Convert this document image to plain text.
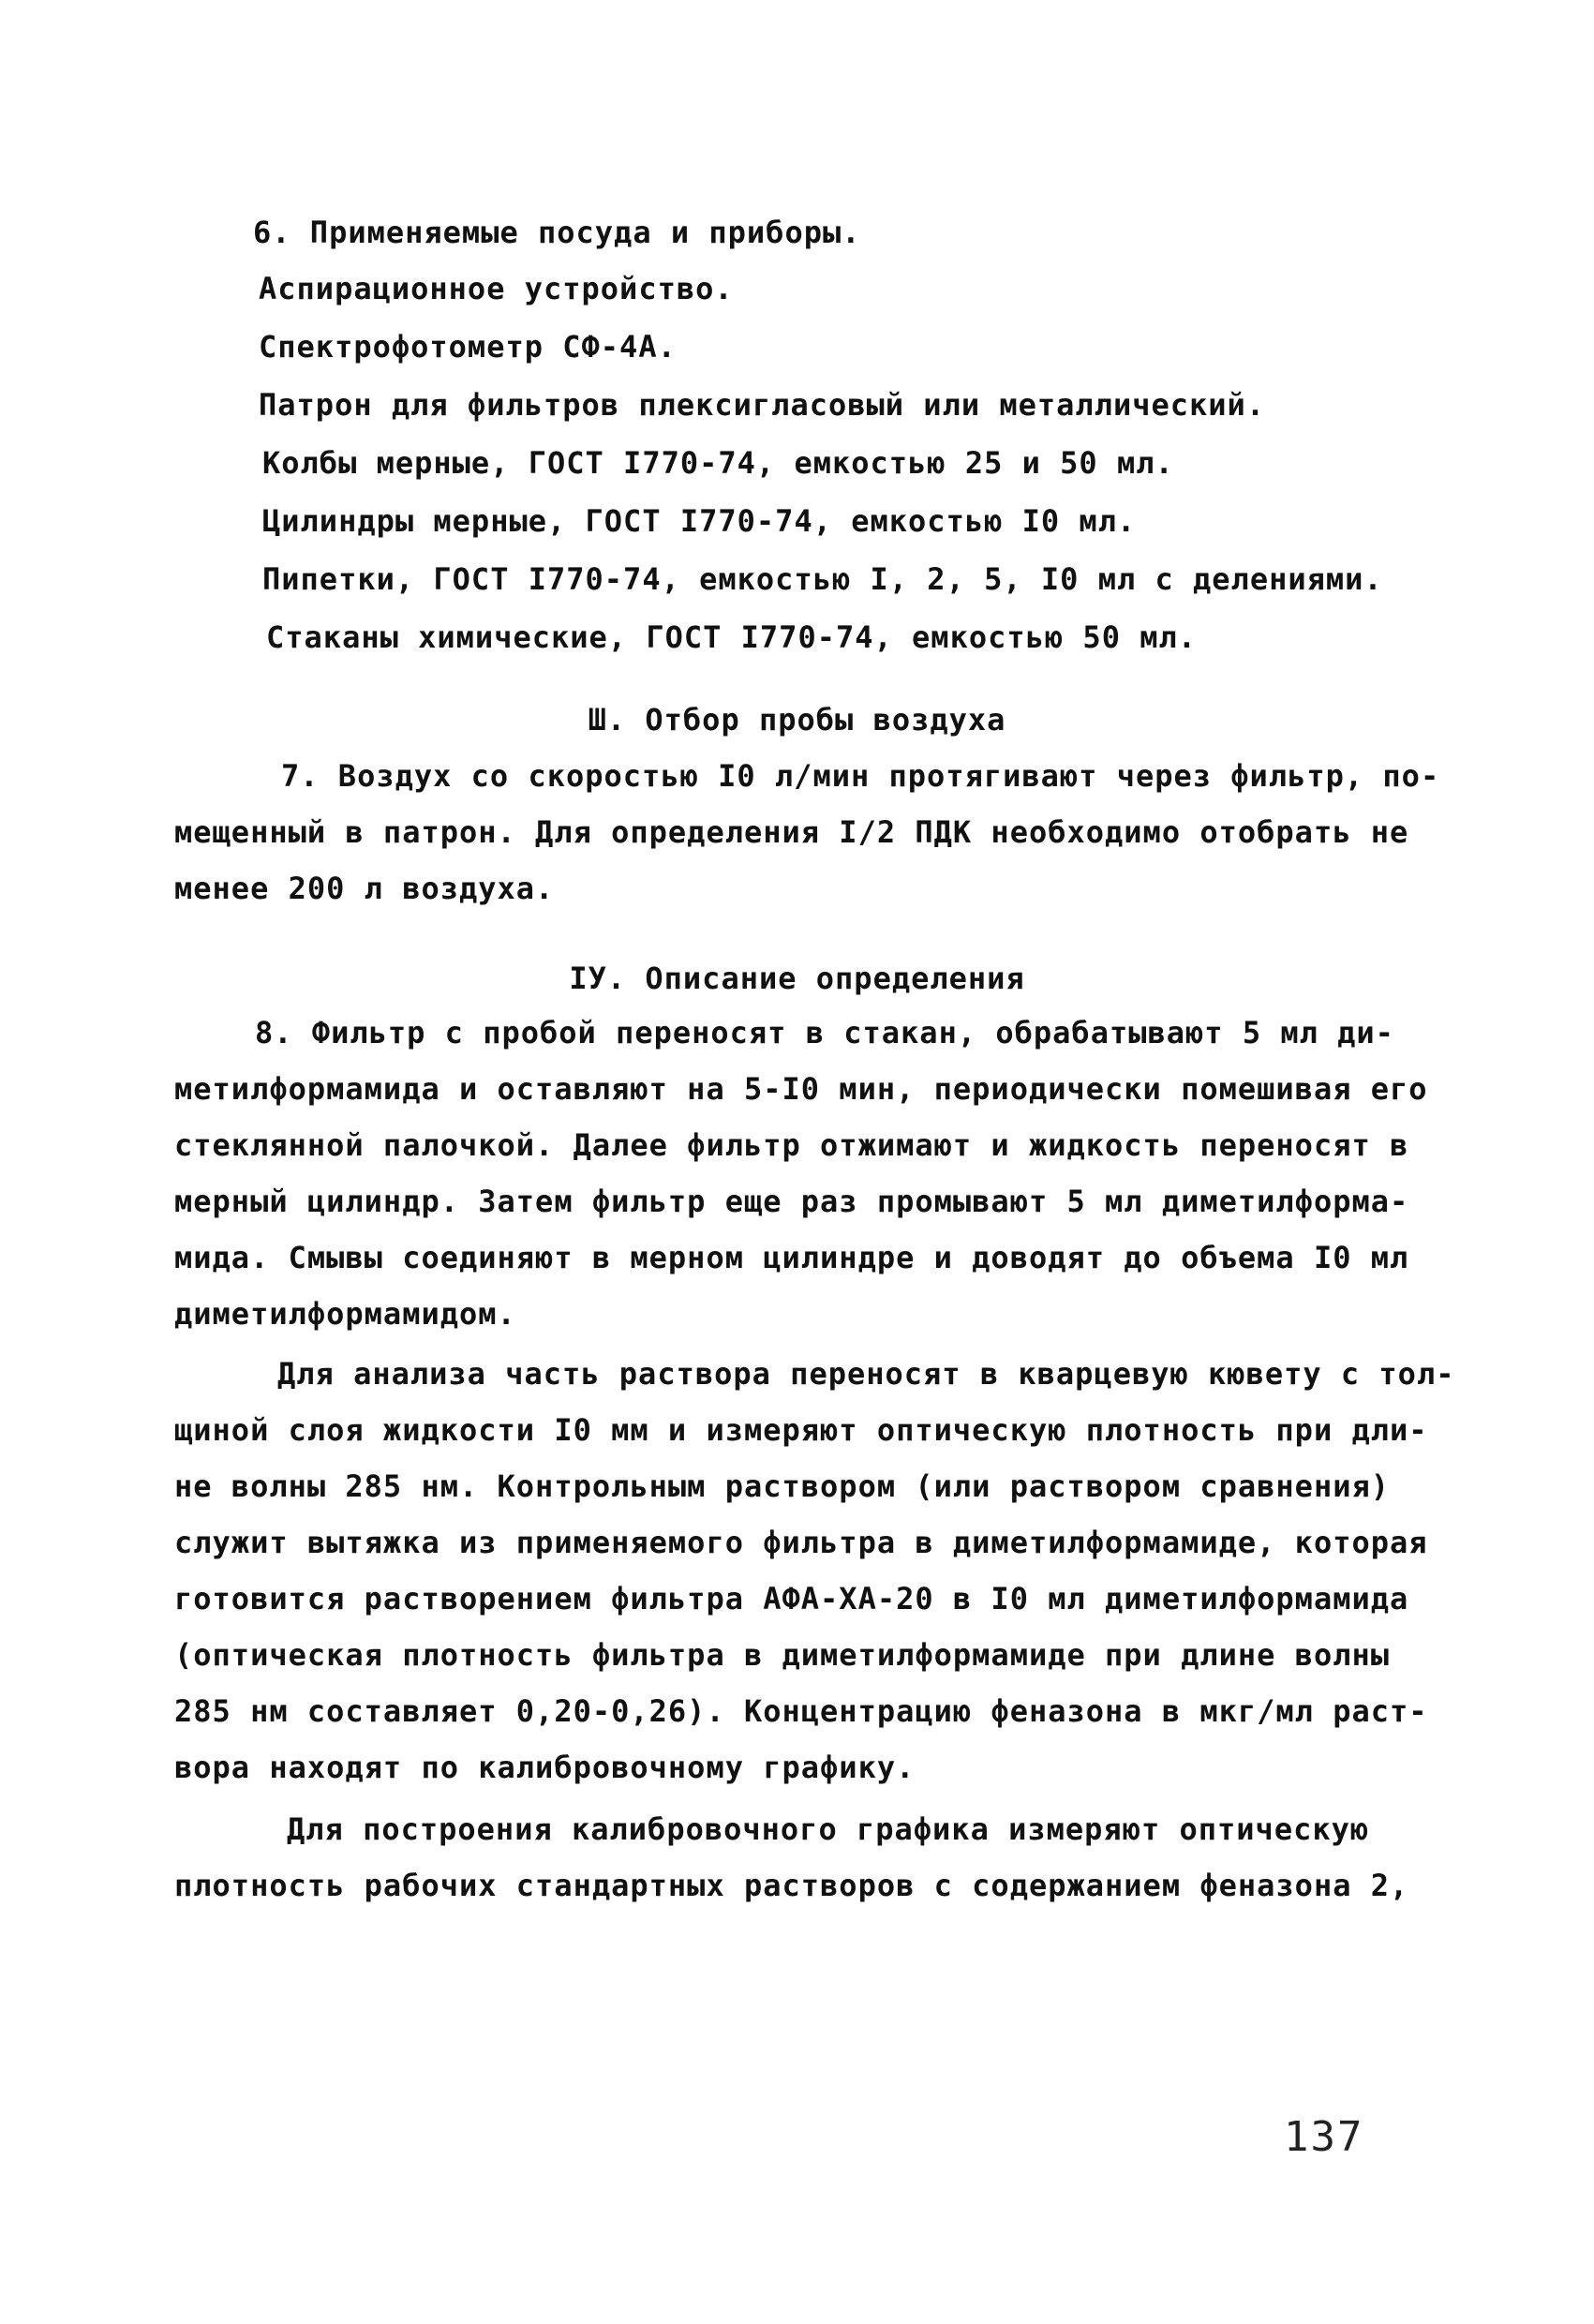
6. Применяемые посуда и приборы.
Аспирационное устройство.
Спектрофотометр СФ-4А.
Патрон для фильтров плексигласовый или металлический.
Колбы мерные, ГОСТ I770-74, емкостью 25 и 50 мл.
Цилиндры мерные, ГОСТ I770-74, емкостью I0 мл.
Пипетки, ГОСТ I770-74, емкостью I, 2, 5, I0 мл с делениями.
Стаканы химические, ГОСТ I770-74, емкостью 50 мл.
Ш. Отбор пробы воздуха
7. Воздух со скоростью I0 л/мин протягивают через фильтр, по-
мещенный в патрон. Для определения I/2 ПДК необходимо отобрать не
менее 200 л воздуха.
IУ. Описание определения
8. Фильтр с пробой переносят в стакан, обрабатывают 5 мл ди-
метилформамида и оставляют на 5-I0 мин, периодически помешивая его
стеклянной палочкой. Далее фильтр отжимают и жидкость переносят в
мерный цилиндр. Затем фильтр еще раз промывают 5 мл диметилформа-
мида. Смывы соединяют в мерном цилиндре и доводят до объема I0 мл
диметилформамидом.
Для анализа часть раствора переносят в кварцевую кювету с тол-
щиной слоя жидкости I0 мм и измеряют оптическую плотность при дли-
не волны 285 нм. Контрольным раствором (или раствором сравнения)
служит вытяжка из применяемого фильтра в диметилформамиде, которая
готовится растворением фильтра АФА-ХА-20 в I0 мл диметилформамида
(оптическая плотность фильтра в диметилформамиде при длине волны
285 нм составляет 0,20-0,26). Концентрацию феназона в мкг/мл раст-
вора находят по калибровочному графику.
Для построения калибровочного графика измеряют оптическую
плотность рабочих стандартных растворов с содержанием феназона 2,
137
